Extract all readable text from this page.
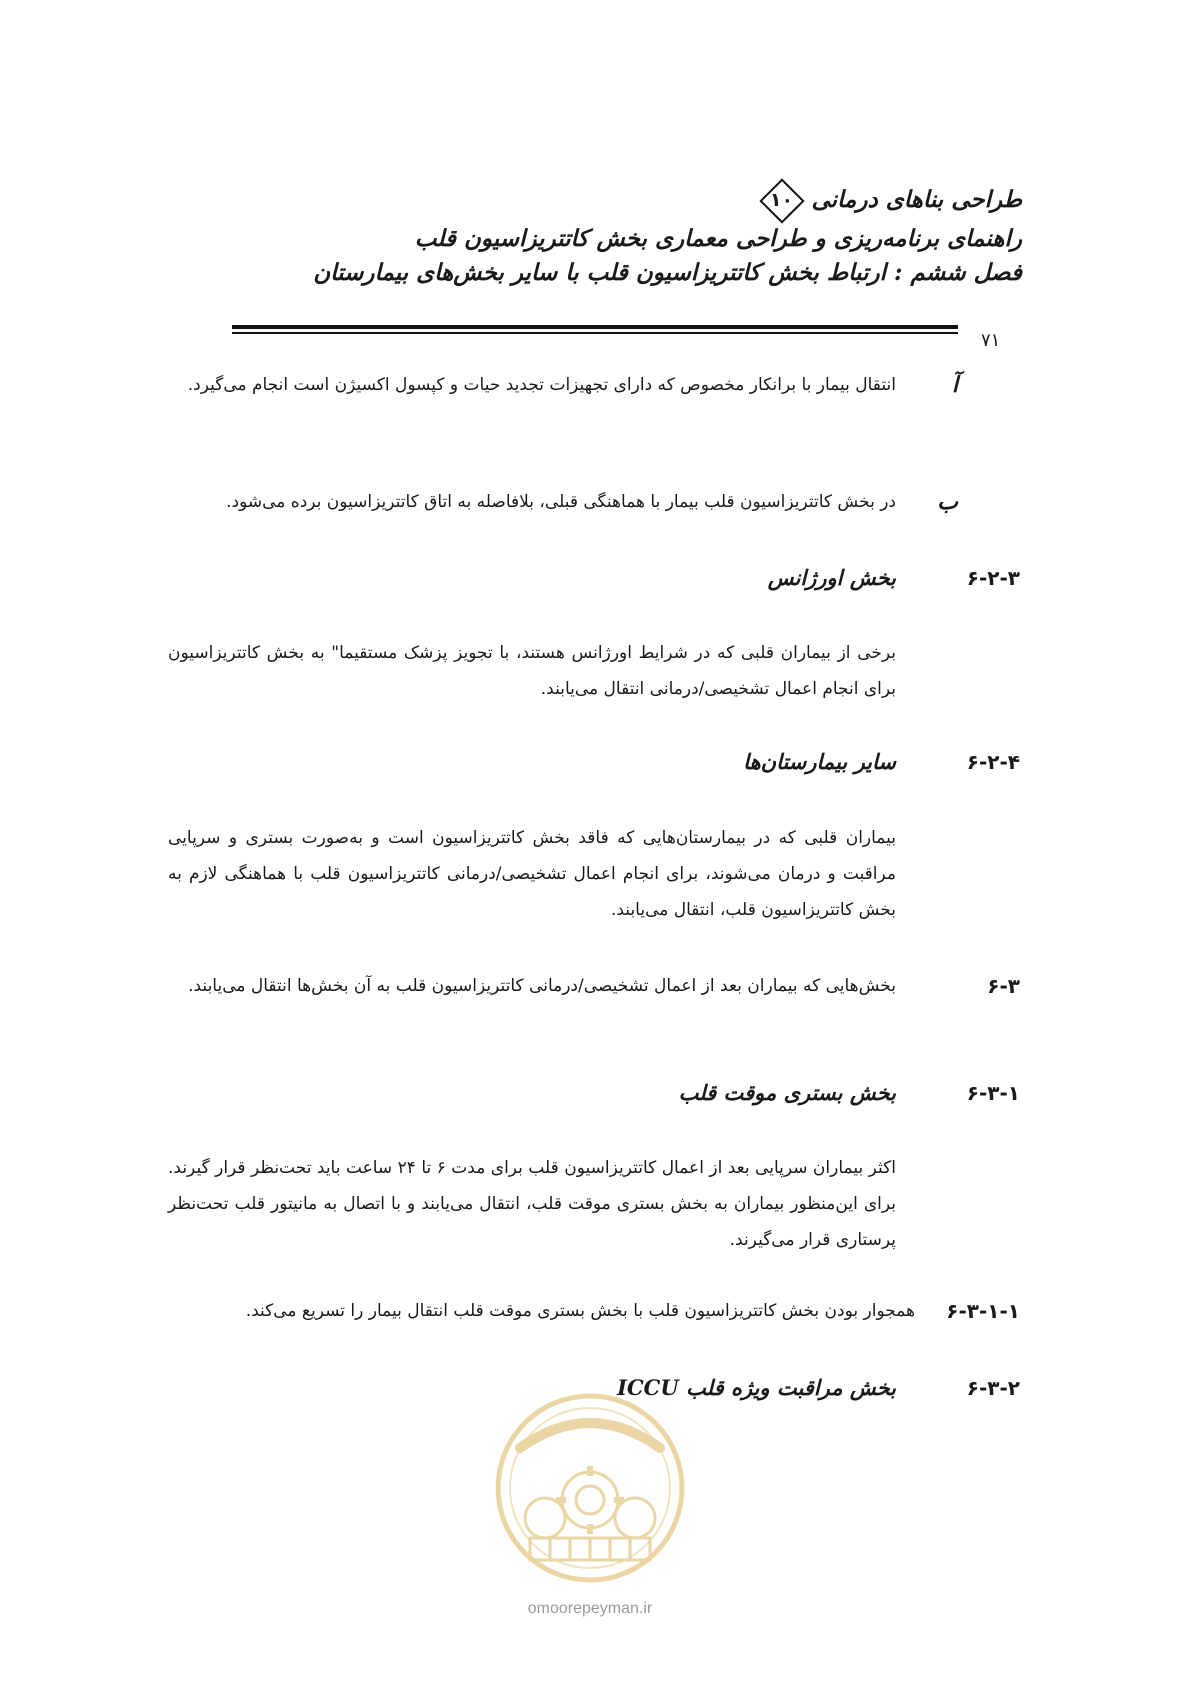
طراحی بناهای درمانی
۱۰
راهنمای برنامه‌ریزی و طراحی معماری بخش کاتتریزاسیون قلب
فصل ششم : ارتباط بخش کاتتریزاسیون قلب با سایر بخش‌های بیمارستان
۷۱
آ
انتقال بیمار با برانکار مخصوص که دارای تجهیزات تجدید حیات و کپسول اکسیژن است انجام می‌گیرد.
ب
در بخش کاتتریزاسیون قلب بیمار با هماهنگی قبلی، بلافاصله به اتاق کاتتریزاسیون برده می‌شود.
۶-۲-۳
بخش اورژانس
برخی از بیماران قلبی که در شرایط اورژانس هستند، با تجویز پزشک مستقیما" به بخش کاتتریزاسیون برای انجام اعمال تشخیصی/درمانی انتقال می‌یابند.
۶-۲-۴
سایر بیمارستان‌ها
بیماران قلبی که در بیمارستان‌هایی که فاقد بخش کاتتریزاسیون است و به‌صورت بستری و سرپایی مراقبت و درمان می‌شوند، برای انجام اعمال تشخیصی/درمانی کاتتریزاسیون قلب با هماهنگی لازم به بخش کاتتریزاسیون قلب، انتقال می‌یابند.
۶-۳
بخش‌هایی که بیماران بعد از اعمال تشخیصی/درمانی کاتتریزاسیون قلب به آن بخش‌ها انتقال می‌یابند.
۶-۳-۱
بخش بستری موقت قلب
اکثر بیماران سرپایی بعد از اعمال کاتتریزاسیون قلب برای مدت ۶ تا ۲۴ ساعت باید تحت‌نظر قرار گیرند. برای این‌منظور بیماران به بخش بستری موقت قلب، انتقال می‌یابند و با اتصال به مانیتور قلب تحت‌نظر پرستاری قرار می‌گیرند.
۶-۳-۱-۱
همجوار بودن بخش کاتتریزاسیون قلب با بخش بستری موقت قلب انتقال بیمار را تسریع می‌کند.
۶-۳-۲
بخش مراقبت ویژه قلب ICCU
omoorepeyman.ir
